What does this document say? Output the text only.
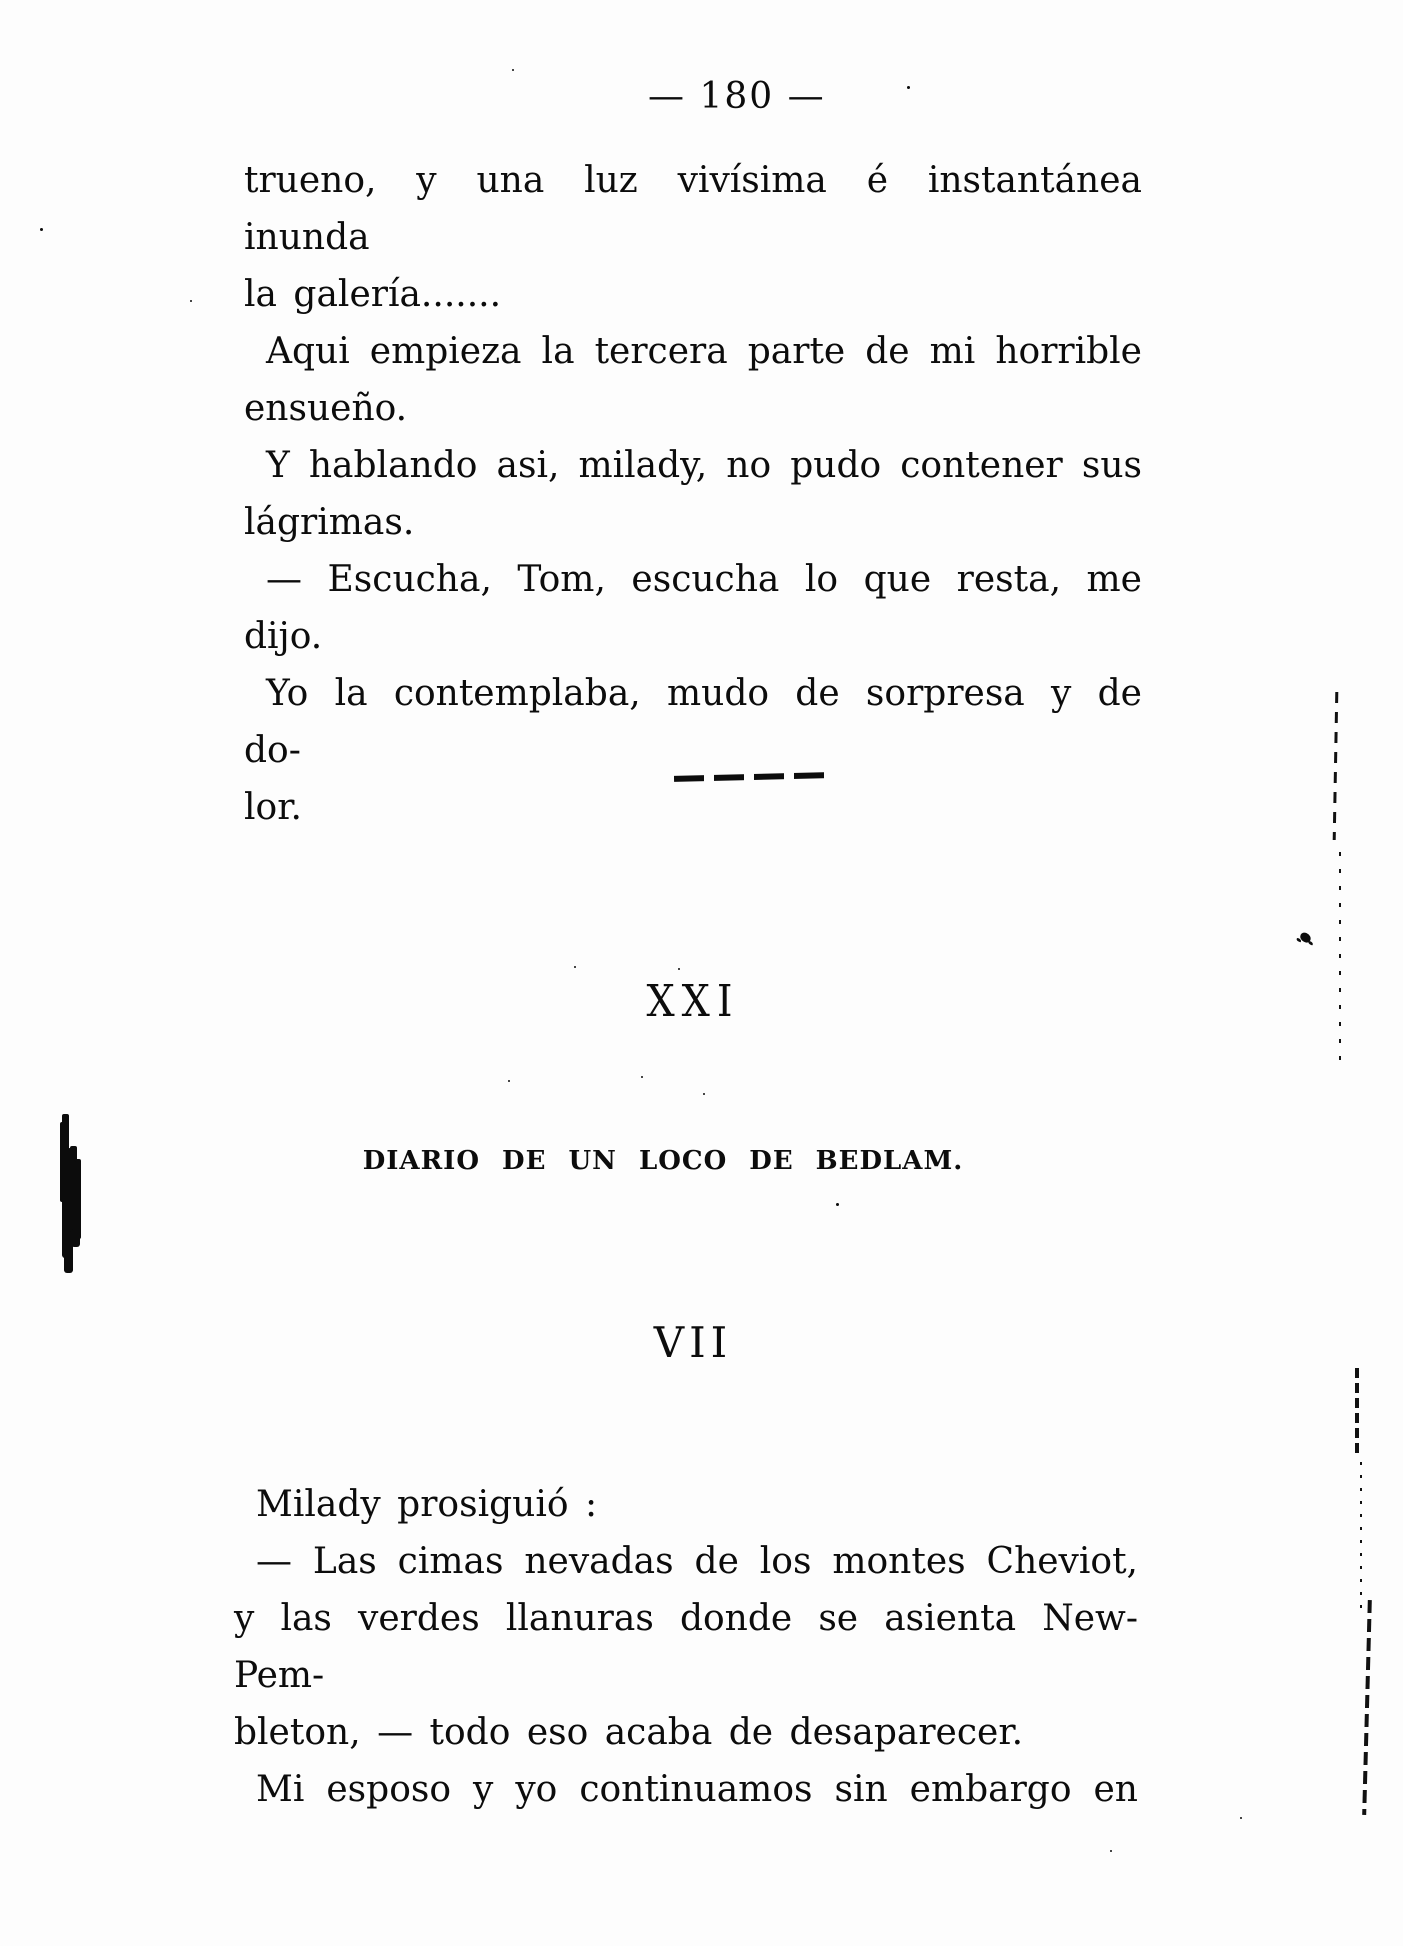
— 180 —
trueno, y una luz vivísima é instantánea inunda
la galería.......
Aqui empieza la tercera parte de mi horrible
ensueño.
Y hablando asi, milady, no pudo contener sus
lágrimas.
— Escucha, Tom, escucha lo que resta, me dijo.
Yo la contemplaba, mudo de sorpresa y de do-
lor.
XXI
DIARIO DE UN LOCO DE BEDLAM.
VII
Milady prosiguió :
— Las cimas nevadas de los montes Cheviot,
y las verdes llanuras donde se asienta New-Pem-
bleton, — todo eso acaba de desaparecer.
Mi esposo y yo continuamos sin embargo en
